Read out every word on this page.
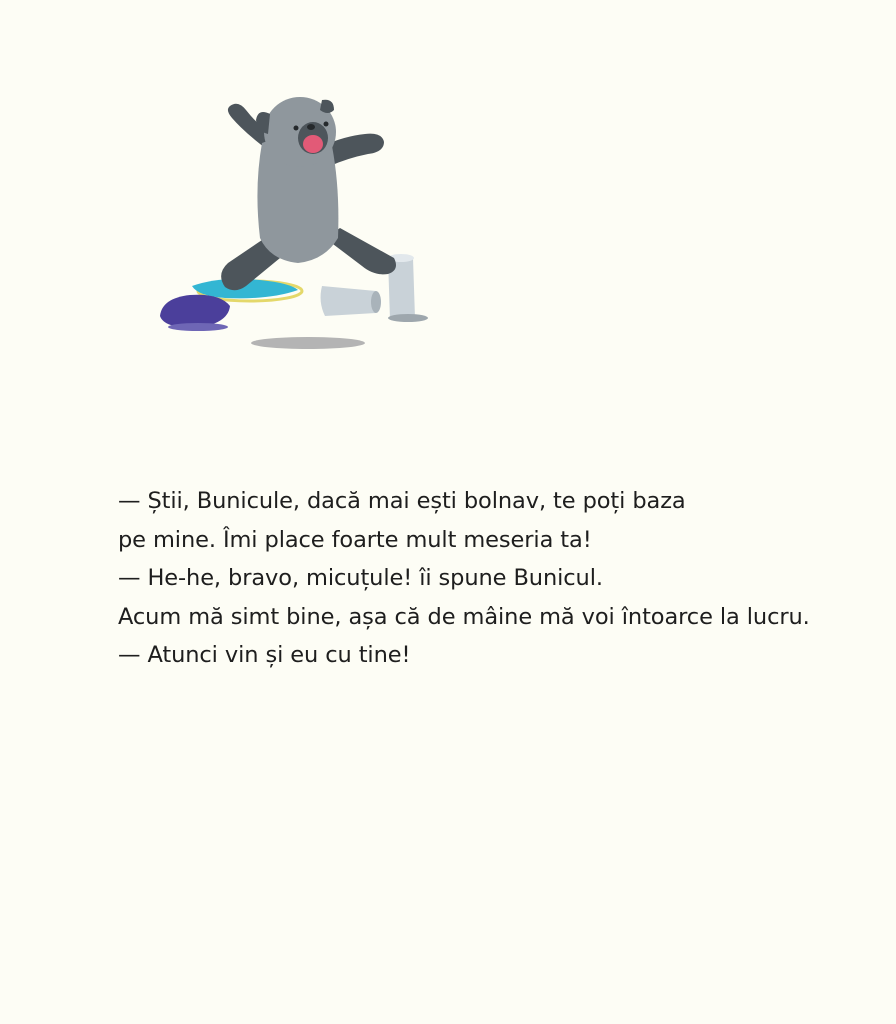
— Știi, Bunicule, dacă mai ești bolnav, te poți baza

pe mine. Îmi place foarte mult meseria ta!

— He-he, bravo, micuțule! îi spune Bunicul.

Acum mă simt bine, așa că de mâine mă voi întoarce la lucru.

— Atunci vin și eu cu tine!
